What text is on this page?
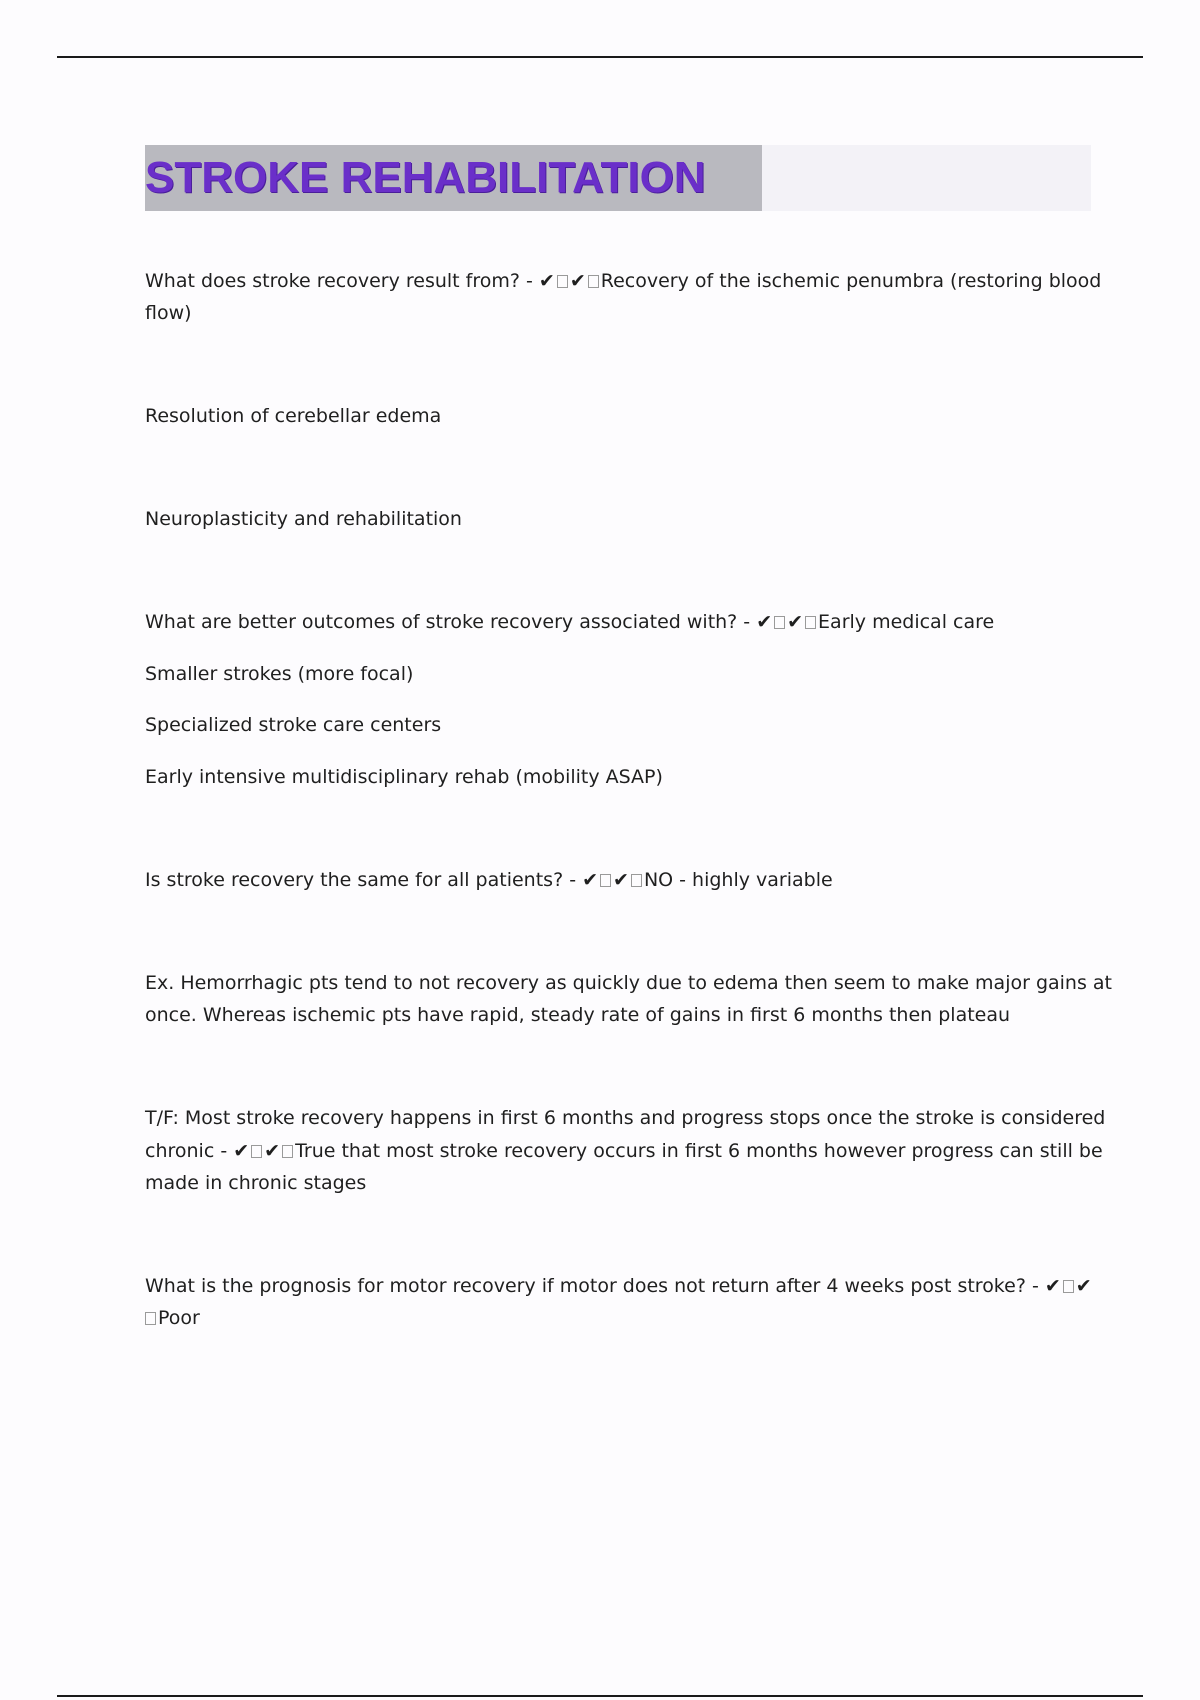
STROKE REHABILITATION
What does stroke recovery result from? - ✔ ✔ Recovery of the ischemic penumbra (restoring blood
flow)
Resolution of cerebellar edema
Neuroplasticity and rehabilitation
What are better outcomes of stroke recovery associated with? - ✔ ✔ Early medical care
Smaller strokes (more focal)
Specialized stroke care centers
Early intensive multidisciplinary rehab (mobility ASAP)
Is stroke recovery the same for all patients? - ✔ ✔ NO - highly variable
Ex. Hemorrhagic pts tend to not recovery as quickly due to edema then seem to make major gains at
once. Whereas ischemic pts have rapid, steady rate of gains in first 6 months then plateau
T/F: Most stroke recovery happens in first 6 months and progress stops once the stroke is considered
chronic - ✔ ✔ True that most stroke recovery occurs in first 6 months however progress can still be
made in chronic stages
What is the prognosis for motor recovery if motor does not return after 4 weeks post stroke? - ✔ ✔
Poor
